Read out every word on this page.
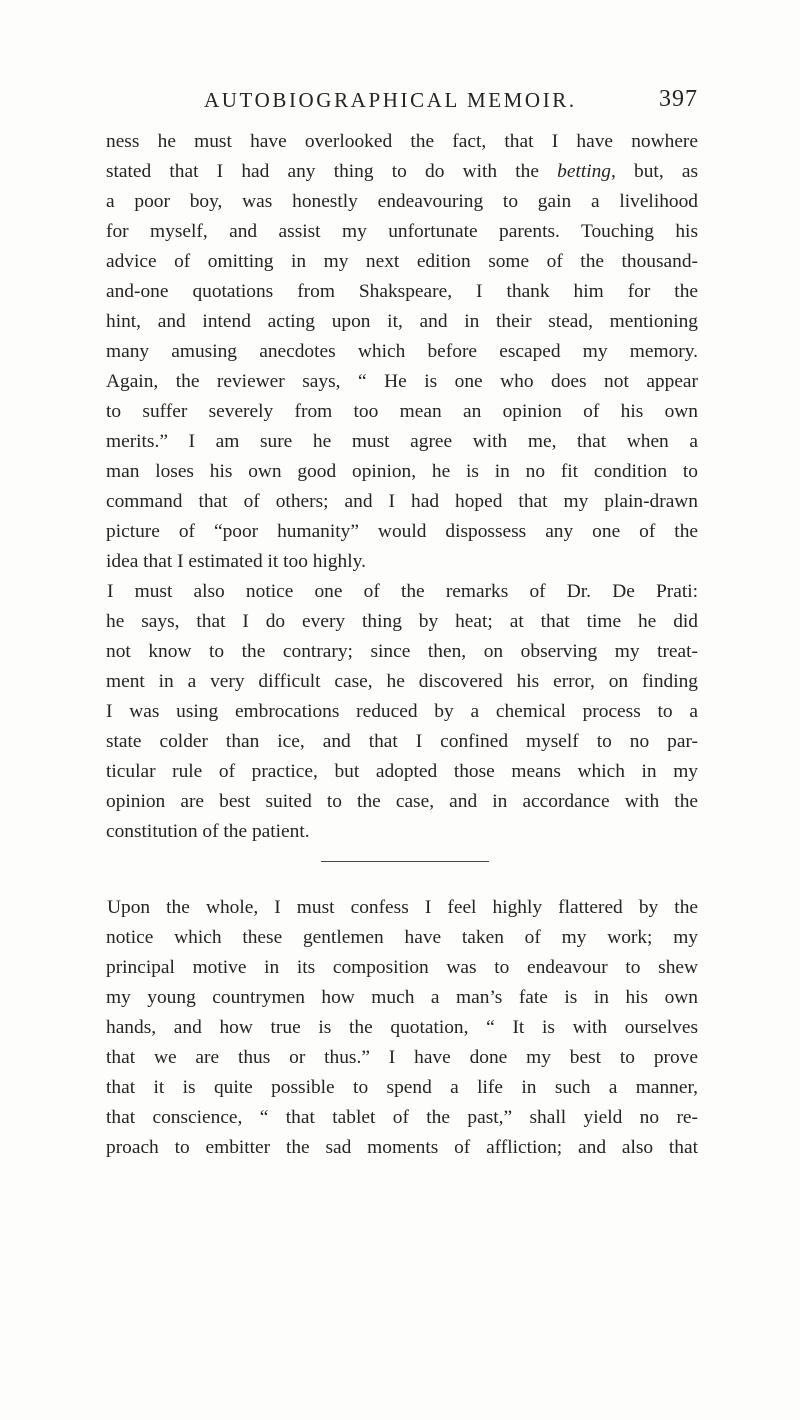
AUTOBIOGRAPHICAL MEMOIR.	397
ness he must have overlooked the fact, that I have nowhere
stated that I had any thing to do with the betting, but, as
a poor boy, was honestly endeavouring to gain a livelihood
for myself, and assist my unfortunate parents. Touching his
advice of omitting in my next edition some of the thousand-
and-one quotations from Shakspeare, I thank him for the
hint, and intend acting upon it, and in their stead, mentioning
many amusing anecdotes which before escaped my memory.
Again, the reviewer says, “ He is one who does not appear
to suffer severely from too mean an opinion of his own
merits.” I am sure he must agree with me, that when a
man loses his own good opinion, he is in no fit condition to
command that of others; and I had hoped that my plain-drawn
picture of “poor humanity” would dispossess any one of the
idea that I estimated it too highly.
I must also notice one of the remarks of Dr. De Prati:
he says, that I do every thing by heat; at that time he did
not know to the contrary; since then, on observing my treat-
ment in a very difficult case, he discovered his error, on finding
I was using embrocations reduced by a chemical process to a
state colder than ice, and that I confined myself to no par-
ticular rule of practice, but adopted those means which in my
opinion are best suited to the case, and in accordance with the
constitution of the patient.
Upon the whole, I must confess I feel highly flattered by the
notice which these gentlemen have taken of my work; my
principal motive in its composition was to endeavour to shew
my young countrymen how much a man’s fate is in his own
hands, and how true is the quotation, “ It is with ourselves
that we are thus or thus.” I have done my best to prove
that it is quite possible to spend a life in such a manner,
that conscience, “ that tablet of the past,” shall yield no re-
proach to embitter the sad moments of affliction; and also that
